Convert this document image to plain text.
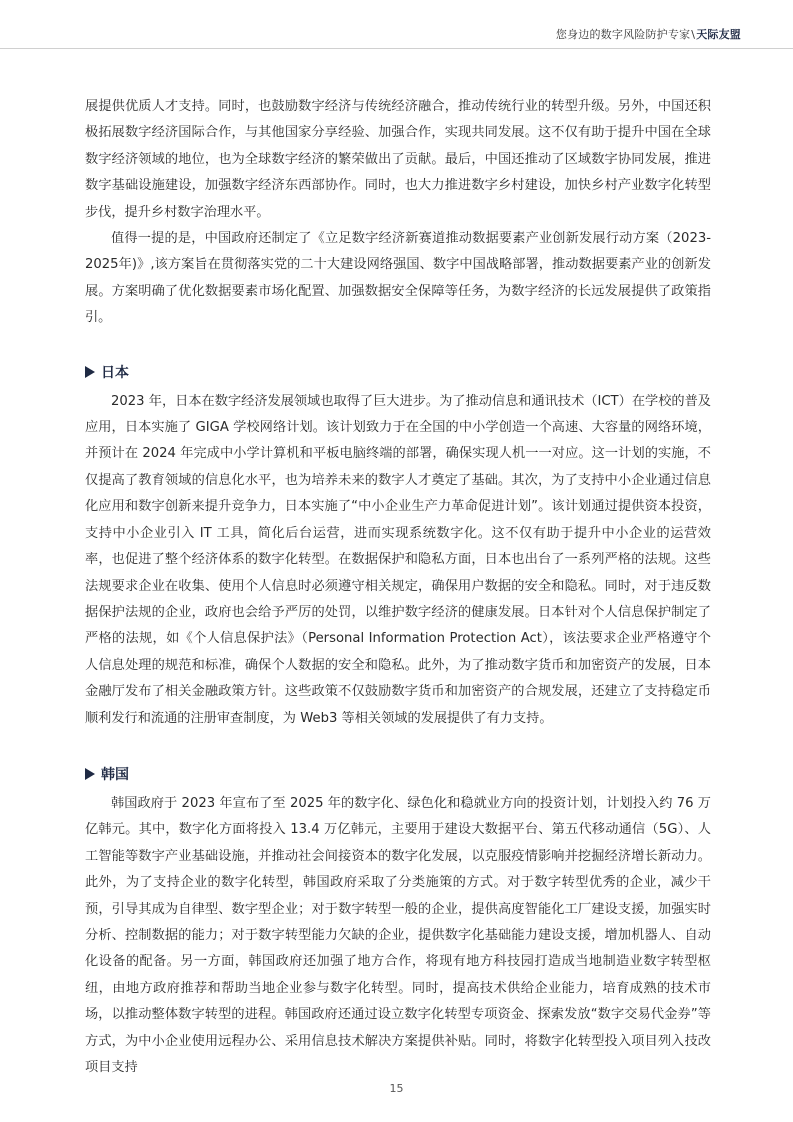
您身边的数字风险防护专家\天际友盟

展提供优质人才支持。同时，也鼓励数字经济与传统经济融合，推动传统行业的转型升级。另外，中国还积极拓展数字经济国际合作，与其他国家分享经验、加强合作，实现共同发展。这不仅有助于提升中国在全球数字经济领域的地位，也为全球数字经济的繁荣做出了贡献。最后，中国还推动了区域数字协同发展，推进数字基础设施建设，加强数字经济东西部协作。同时，也大力推进数字乡村建设，加快乡村产业数字化转型步伐，提升乡村数字治理水平。

值得一提的是，中国政府还制定了《立足数字经济新赛道推动数据要素产业创新发展行动方案（2023-2025年)》,该方案旨在贯彻落实党的二十大建设网络强国、数字中国战略部署，推动数据要素产业的创新发展。方案明确了优化数据要素市场化配置、加强数据安全保障等任务，为数字经济的长远发展提供了政策指引。

日本

2023 年，日本在数字经济发展领域也取得了巨大进步。为了推动信息和通讯技术（ICT）在学校的普及应用，日本实施了 GIGA 学校网络计划。该计划致力于在全国的中小学创造一个高速、大容量的网络环境，并预计在 2024 年完成中小学计算机和平板电脑终端的部署，确保实现人机一一对应。这一计划的实施，不仅提高了教育领域的信息化水平，也为培养未来的数字人才奠定了基础。其次，为了支持中小企业通过信息化应用和数字创新来提升竞争力，日本实施了“中小企业生产力革命促进计划”。该计划通过提供资本投资，支持中小企业引入 IT 工具，简化后台运营，进而实现系统数字化。这不仅有助于提升中小企业的运营效率，也促进了整个经济体系的数字化转型。在数据保护和隐私方面，日本也出台了一系列严格的法规。这些法规要求企业在收集、使用个人信息时必须遵守相关规定，确保用户数据的安全和隐私。同时，对于违反数据保护法规的企业，政府也会给予严厉的处罚，以维护数字经济的健康发展。日本针对个人信息保护制定了严格的法规，如《个人信息保护法》（Personal Information Protection Act），该法要求企业严格遵守个人信息处理的规范和标准，确保个人数据的安全和隐私。此外，为了推动数字货币和加密资产的发展，日本金融厅发布了相关金融政策方针。这些政策不仅鼓励数字货币和加密资产的合规发展，还建立了支持稳定币顺利发行和流通的注册审查制度，为 Web3 等相关领域的发展提供了有力支持。

韩国

韩国政府于 2023 年宣布了至 2025 年的数字化、绿色化和稳就业方向的投资计划，计划投入约 76 万亿韩元。其中，数字化方面将投入 13.4 万亿韩元，主要用于建设大数据平台、第五代移动通信（5G）、人工智能等数字产业基础设施，并推动社会间接资本的数字化发展，以克服疫情影响并挖掘经济增长新动力。此外，为了支持企业的数字化转型，韩国政府采取了分类施策的方式。对于数字转型优秀的企业，减少干预，引导其成为自律型、数字型企业；对于数字转型一般的企业，提供高度智能化工厂建设支援，加强实时分析、控制数据的能力；对于数字转型能力欠缺的企业，提供数字化基础能力建设支援，增加机器人、自动化设备的配备。另一方面，韩国政府还加强了地方合作，将现有地方科技园打造成当地制造业数字转型枢纽，由地方政府推荐和帮助当地企业参与数字化转型。同时，提高技术供给企业能力，培育成熟的技术市场，以推动整体数字转型的进程。韩国政府还通过设立数字化转型专项资金、探索发放“数字交易代金券”等方式，为中小企业使用远程办公、采用信息技术解决方案提供补贴。同时，将数字化转型投入项目列入技改项目支持

15
